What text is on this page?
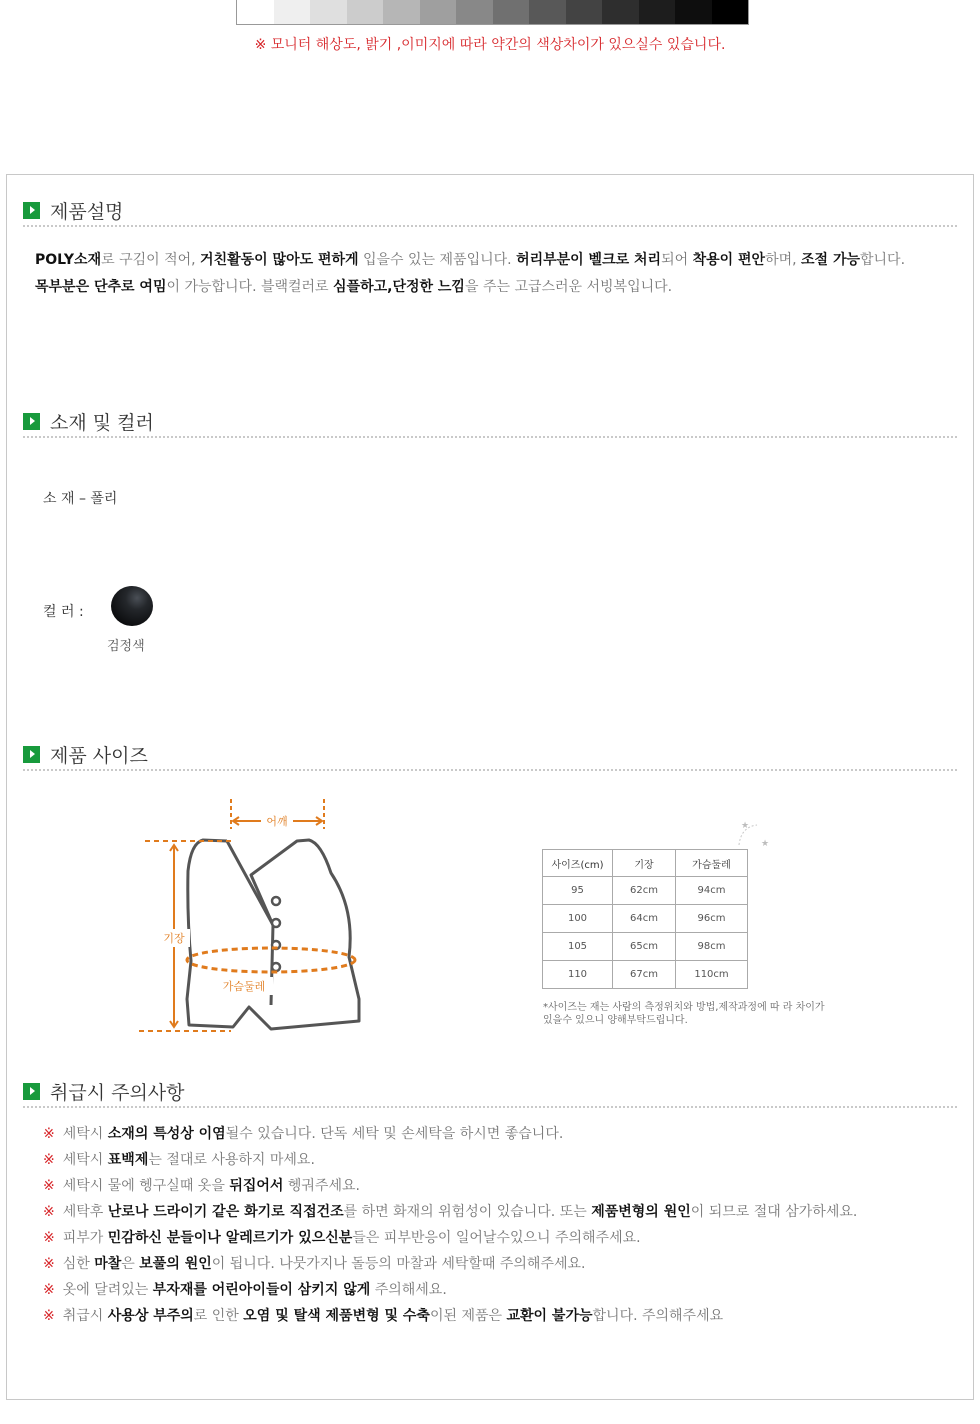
※ 모니터 해상도, 밝기 ,이미지에 따라 약간의 색상차이가 있으실수 있습니다.
제품설명
POLY소재로 구김이 적어, 거친활동이 많아도 편하게 입을수 있는 제품입니다. 허리부분이 벨크로 처리되어 착용이 편안하며, 조절 가능합니다.
목부분은 단추로 여밈이 가능합니다. 블랙컬러로 심플하고,단정한 느낌을 주는 고급스러운 서빙복입니다.
소재 및 컬러
소 재 – 폴리
컬 러 :
검정색
제품 사이즈
어깨
기장
가슴둘레
★
★
사이즈(cm)	기장	가슴둘레
95	62cm	94cm
100	64cm	96cm
105	65cm	98cm
110	67cm	110cm
*사이즈는 재는 사람의 측정위치와 방법,제작과정에 따 라 차이가
있을수 있으니 양해부탁드립니다.
취급시 주의사항
※ 세탁시 소재의 특성상 이염될수 있습니다. 단독 세탁 및 손세탁을 하시면 좋습니다.
※ 세탁시 표백제는 절대로 사용하지 마세요.
※ 세탁시 물에 헹구실때 옷을 뒤집어서 헹궈주세요.
※ 세탁후 난로나 드라이기 같은 화기로 직접건조를 하면 화재의 위험성이 있습니다. 또는 제품변형의 원인이 되므로 절대 삼가하세요.
※ 피부가 민감하신 분들이나 알레르기가 있으신분들은 피부반응이 일어날수있으니 주의해주세요.
※ 심한 마찰은 보풀의 원인이 됩니다. 나뭇가지나 돌등의 마찰과 세탁할때 주의해주세요.
※ 옷에 달려있는 부자재를 어린아이들이 삼키지 않게 주의해세요.
※ 취급시 사용상 부주의로 인한 오염 및 탈색 제품변형 및 수축이된 제품은 교환이 불가능합니다. 주의해주세요
